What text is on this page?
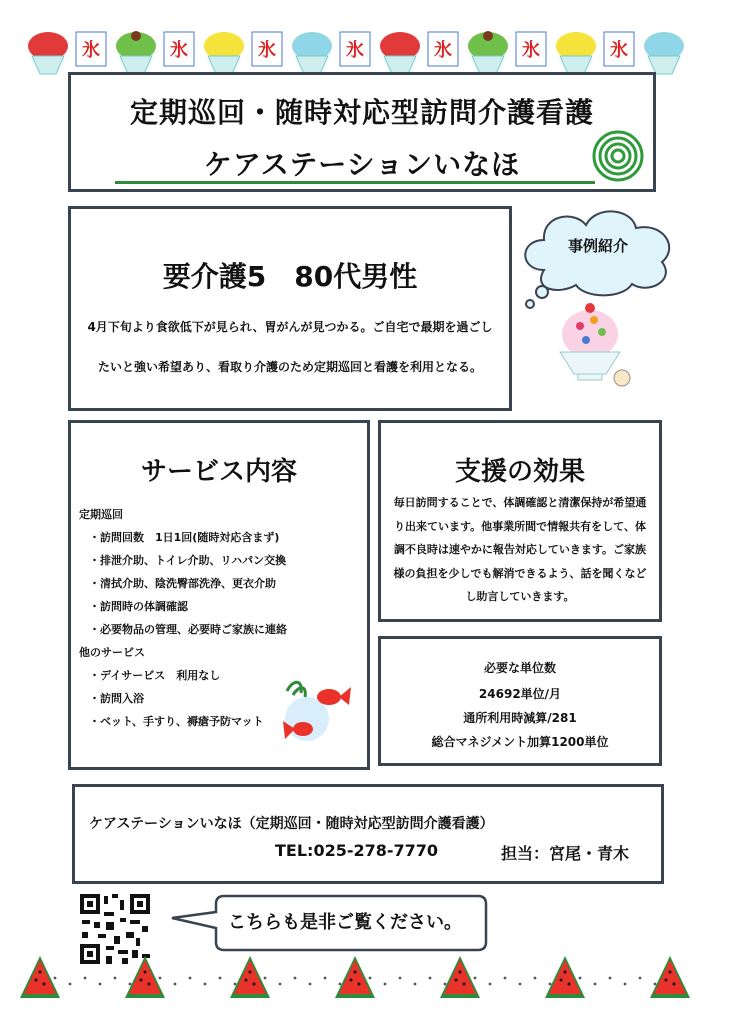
氷	氷	氷	氷	氷	氷	氷
定期巡回・随時対応型訪問介護看護
ケアステーションいなほ
要介護5　80代男性
4月下旬より食欲低下が見られ、胃がんが見つかる。ご自宅で最期を過ごしたいと強い希望あり、看取り介護のため定期巡回と看護を利用となる。
事例紹介
サービス内容
定期巡回
・訪問回数　1日1回(随時対応含まず)
・排泄介助、トイレ介助、リハパン交換
・清拭介助、陰洗臀部洗浄、更衣介助
・訪問時の体調確認
・必要物品の管理、必要時ご家族に連絡
他のサービス
・デイサービス　利用なし
・訪問入浴
・ベット、手すり、褥瘡予防マット
支援の効果
毎日訪問することで、体調確認と清潔保持が希望通り出来ています。他事業所間で情報共有をして、体調不良時は速やかに報告対応していきます。ご家族様の負担を少しでも解消できるよう、話を聞くなどし助言していきます。
必要な単位数
24692単位/月
通所利用時減算/281
総合マネジメント加算1200単位
ケアステーションいなほ（定期巡回・随時対応型訪問介護看護）
TEL:025-278-7770	担当：宮尾・青木
こちらも是非ご覧ください。
